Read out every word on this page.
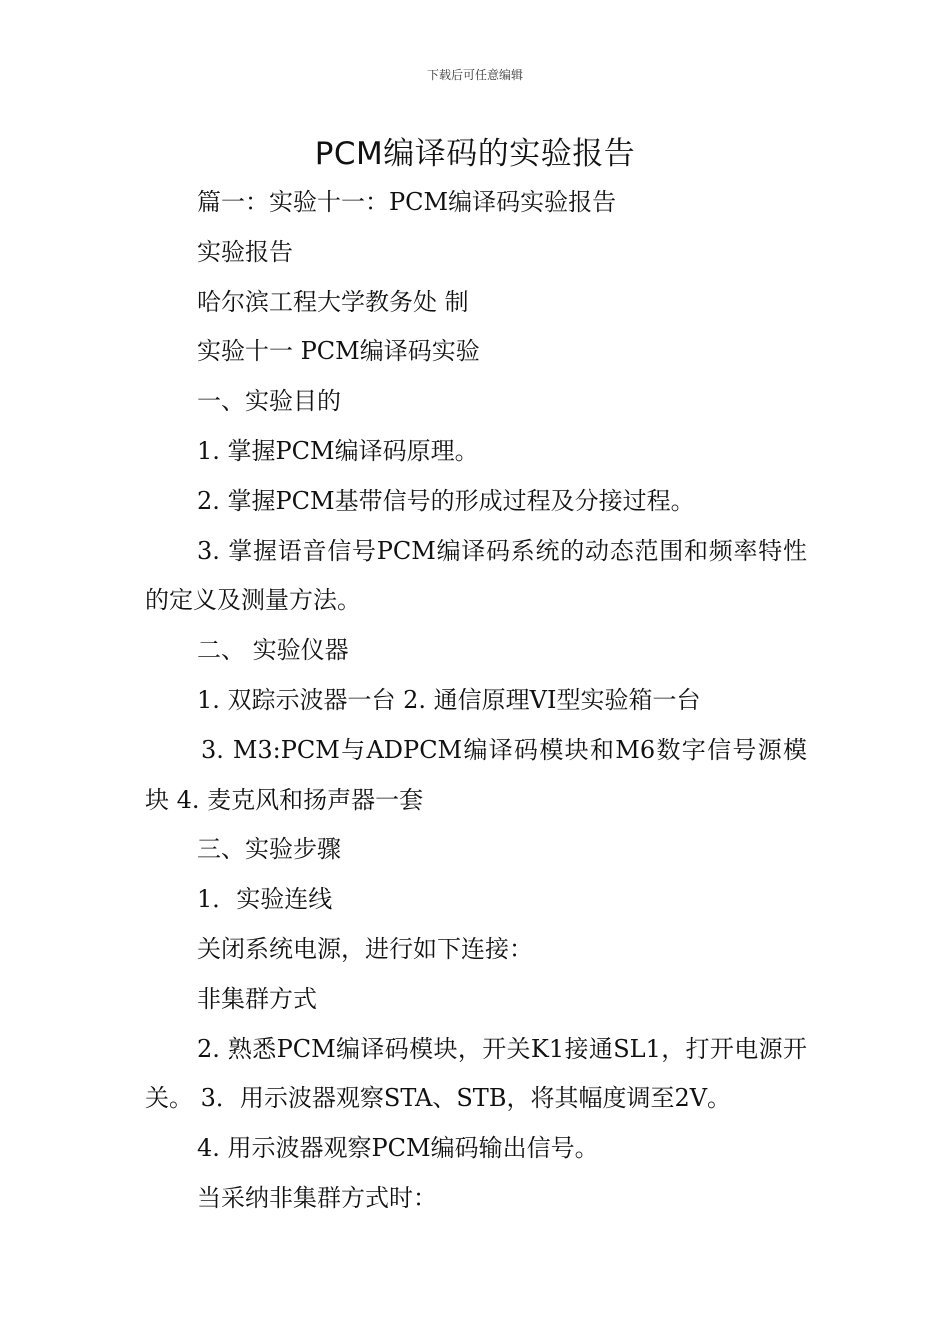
下载后可任意编辑
PCM编译码的实验报告

篇一：实验十一：PCM编译码实验报告

实验报告

哈尔滨工程大学教务处 制

实验十一 PCM编译码实验

一、实验目的

1. 掌握PCM编译码原理。

2. 掌握PCM基带信号的形成过程及分接过程。

3. 掌握语音信号PCM编译码系统的动态范围和频率特性的定义及测量方法。

二、 实验仪器

1. 双踪示波器一台 2. 通信原理VI型实验箱一台

3. M3:PCM与ADPCM编译码模块和M6数字信号源模块 4. 麦克风和扬声器一套

三、实验步骤

1．实验连线

关闭系统电源，进行如下连接：

非集群方式

2. 熟悉PCM编译码模块，开关K1接通SL1，打开电源开关。 3．用示波器观察STA、STB，将其幅度调至2V。

4. 用示波器观察PCM编码输出信号。

当采纳非集群方式时：
